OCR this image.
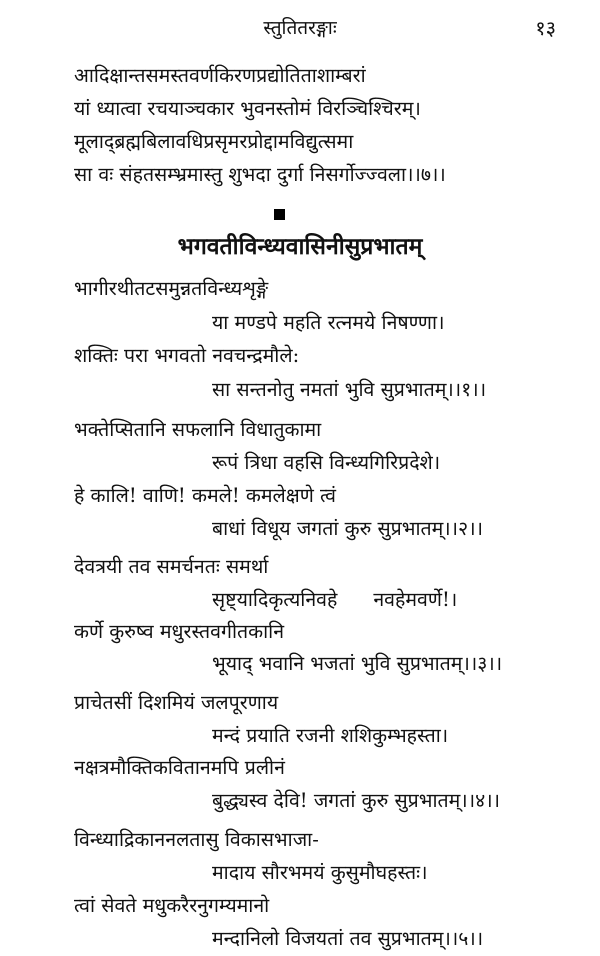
स्तुतितरङ्गाः	१३
आदिक्षान्तसमस्तवर्णकिरणप्रद्योतिताशाम्बरां
यां ध्यात्वा रचयाञ्चकार भुवनस्तोमं विरञ्चिश्चिरम्।
मूलाद्ब्रह्मबिलावधिप्रसृमरप्रोद्दामविद्युत्समा
सा वः संहतसम्भ्रमास्तु शुभदा दुर्गा निसर्गोज्ज्वला।।७।।
भगवतीविन्ध्यवासिनीसुप्रभातम्
भागीरथीतटसमुन्नतविन्ध्यशृङ्गे
या मण्डपे महति रत्नमये निषण्णा।
शक्तिः परा भगवतो नवचन्द्रमौले:
सा सन्तनोतु नमतां भुवि सुप्रभातम्।।१।।
भक्तेप्सितानि सफलानि विधातुकामा
रूपं त्रिधा वहसि विन्ध्यगिरिप्रदेशे।
हे कालि! वाणि! कमले! कमलेक्षणे त्वं
बाधां विधूय जगतां कुरु सुप्रभातम्।।२।।
देवत्रयी तव समर्चनतः समर्था
सृष्ट्यादिकृत्यनिवहे नवहेमवर्णे!।
कर्णे कुरुष्व मधुरस्तवगीतकानि
भूयाद् भवानि भजतां भुवि सुप्रभातम्।।३।।
प्राचेतसीं दिशमियं जलपूरणाय
मन्दं प्रयाति रजनी शशिकुम्भहस्ता।
नक्षत्रमौक्तिकवितानमपि प्रलीनं
बुद्ध्यस्व देवि! जगतां कुरु सुप्रभातम्।।४।।
विन्ध्याद्रिकाननलतासु विकासभाजा-
मादाय सौरभमयं कुसुमौघहस्तः।
त्वां सेवते मधुकरैरनुगम्यमानो
मन्दानिलो विजयतां तव सुप्रभातम्।।५।।
